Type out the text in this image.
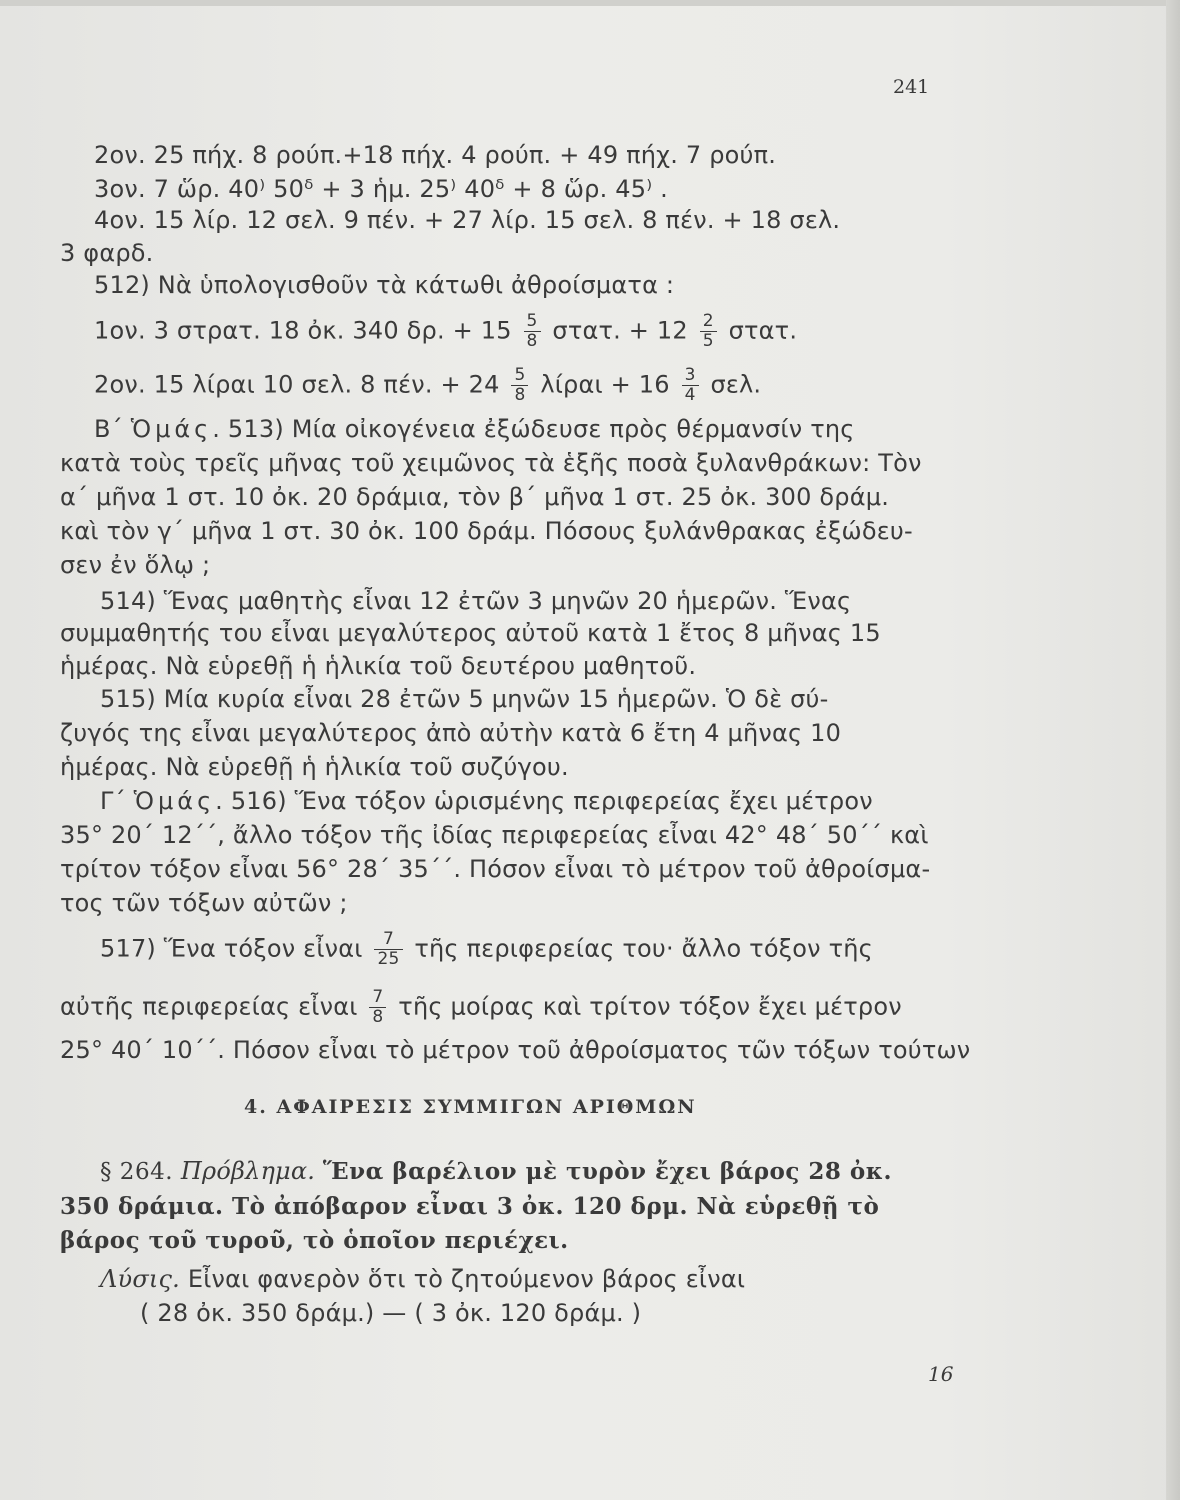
241
2ον. 25 πήχ. 8 ρούπ.+18 πήχ. 4 ρούπ. + 49 πήχ. 7 ρούπ.
3ον. 7 ὥρ. 40⁾ 50ᵟ + 3 ἡμ. 25⁾ 40ᵟ + 8 ὥρ. 45⁾ .
4ον. 15 λίρ. 12 σελ. 9 πέν. + 27 λίρ. 15 σελ. 8 πέν. + 18 σελ.
3 φαρδ.
512) Νὰ ὑπολογισθοῦν τὰ κάτωθι ἀθροίσματα :
1ον. 3 στρατ. 18 ὀκ. 340 δρ. + $15 \frac{5}{8} \sigma\tau\alpha\tau$. + $12 \frac{2}{5} \sigma\tau\alpha\tau$.
2ον. 15 λίραι 10 σελ. 8 πέν. + $24 \frac{5}{8}$ $\lambda ί\rho\alpha\iota + 16 \frac{3}{4} \sigma\varepsilon\lambda$.
Β΄ Ὁμάς. 513) Μία οἰκογένεια ἐξώδευσε πρὸς θέρμανσίν της
κατὰ τοὺς τρεῖς μῆνας τοῦ χειμῶνος τὰ ἑξῆς ποσὰ ξυλανθράκων: Τὸν
α΄ μῆνα 1 στ. 10 ὀκ. 20 δράμια, τὸν β΄ μῆνα 1 στ. 25 ὀκ. 300 δράμ.
καὶ τὸν γ΄ μῆνα 1 στ. 30 ὀκ. 100 δράμ. Πόσους ξυλάνθρακας ἐξώδευ-
σεν ἐν ὅλῳ ;
514) Ἕνας μαθητὴς εἶναι 12 ἐτῶν 3 μηνῶν 20 ἡμερῶν. Ἕνας
συμμαθητής του εἶναι μεγαλύτερος αὐτοῦ κατὰ 1 ἔτος 8 μῆνας 15
ἡμέρας. Νὰ εὑρεθῇ ἡ ἡλικία τοῦ δευτέρου μαθητοῦ.
515) Μία κυρία εἶναι 28 ἐτῶν 5 μηνῶν 15 ἡμερῶν. Ὁ δὲ σύ-
ζυγός της εἶναι μεγαλύτερος ἀπὸ αὐτὴν κατὰ 6 ἔτη 4 μῆνας 10
ἡμέρας. Νὰ εὑρεθῇ ἡ ἡλικία τοῦ συζύγου.
Γ΄ Ὁμάς. 516) Ἕνα τόξον ὡρισμένης περιφερείας ἔχει μέτρον
35° 20΄ 12΄΄, ἄλλο τόξον τῆς ἰδίας περιφερείας εἶναι 42° 48΄ 50΄΄ καὶ
τρίτον τόξον εἶναι 56° 28΄ 35΄΄. Πόσον εἶναι τὸ μέτρον τοῦ ἀθροίσμα-
τος τῶν τόξων αὐτῶν ;
517) Ἕνα τόξον εἶναι $\frac{7}{25}$ τῆς περιφερείας του· ἄλλο τόξον τῆς
αὐτῆς περιφερείας εἶναι $\frac{7}{8}$ τῆς μοίρας καὶ τρίτον τόξον ἔχει μέτρον
25° 40΄ 10΄΄. Πόσον εἶναι τὸ μέτρον τοῦ ἀθροίσματος τῶν τόξων τούτων
4. ΑΦΑΙΡΕΣΙΣ ΣΥΜΜΙΓΩΝ ΑΡΙΘΜΩΝ
§ 264. Πρόβλημα. Ἕνα βαρέλιον μὲ τυρὸν ἔχει βάρος 28 ὀκ.
350 δράμια. Τὸ ἀπόβαρον εἶναι 3 ὀκ. 120 δρμ. Νὰ εὑρεθῇ τὸ
βάρος τοῦ τυροῦ, τὸ ὁποῖον περιέχει.
Λύσις. Εἶναι φανερὸν ὅτι τὸ ζητούμενον βάρος εἶναι
( 28 ὀκ. 350 δράμ.) — ( 3 ὀκ. 120 δράμ. )
16
